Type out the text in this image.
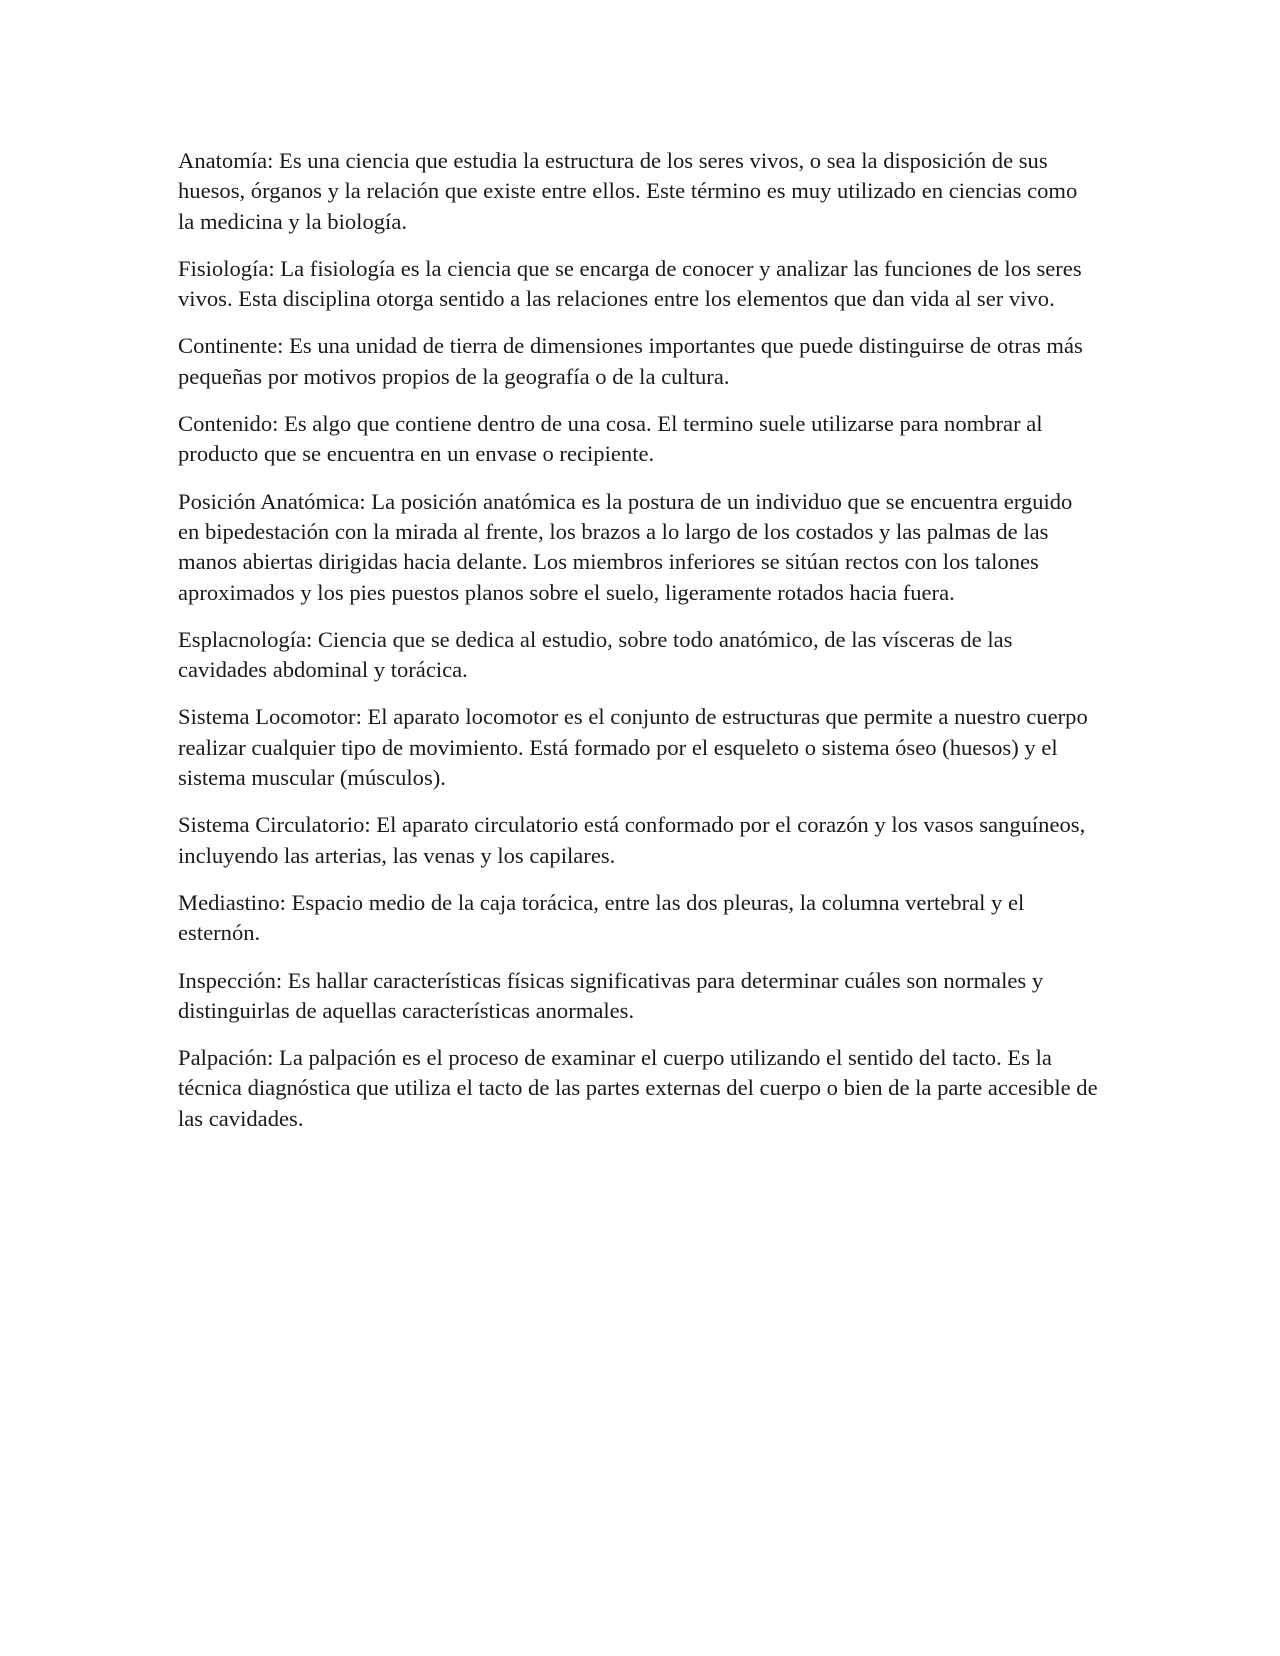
Anatomía: Es una ciencia que estudia la estructura de los seres vivos, o sea la disposición de sus huesos, órganos y la relación que existe entre ellos. Este término es muy utilizado en ciencias como la medicina y la biología.

Fisiología: La fisiología es la ciencia que se encarga de conocer y analizar las funciones de los seres vivos. Esta disciplina otorga sentido a las relaciones entre los elementos que dan vida al ser vivo.

Continente: Es una unidad de tierra de dimensiones importantes que puede distinguirse de otras más pequeñas por motivos propios de la geografía o de la cultura.

Contenido: Es algo que contiene dentro de una cosa. El termino suele utilizarse para nombrar al producto que se encuentra en un envase o recipiente.

Posición Anatómica: La posición anatómica es la postura de un individuo que se encuentra erguido en bipedestación con la mirada al frente, los brazos a lo largo de los costados y las palmas de las manos abiertas dirigidas hacia delante. Los miembros inferiores se sitúan rectos con los talones aproximados y los pies puestos planos sobre el suelo, ligeramente rotados hacia fuera.

Esplacnología: Ciencia que se dedica al estudio, sobre todo anatómico, de las vísceras de las cavidades abdominal y torácica.

Sistema Locomotor: El aparato locomotor es el conjunto de estructuras que permite a nuestro cuerpo realizar cualquier tipo de movimiento. Está formado por el esqueleto o sistema óseo (huesos) y el sistema muscular (músculos).

Sistema Circulatorio: El aparato circulatorio está conformado por el corazón y los vasos sanguíneos, incluyendo las arterias, las venas y los capilares.

Mediastino: Espacio medio de la caja torácica, entre las dos pleuras, la columna vertebral y el esternón.

Inspección: Es hallar características físicas significativas para determinar cuáles son normales y distinguirlas de aquellas características anormales.

Palpación: La palpación es el proceso de examinar el cuerpo utilizando el sentido del tacto. Es la técnica diagnóstica que utiliza el tacto de las partes externas del cuerpo o bien de la parte accesible de las cavidades.
